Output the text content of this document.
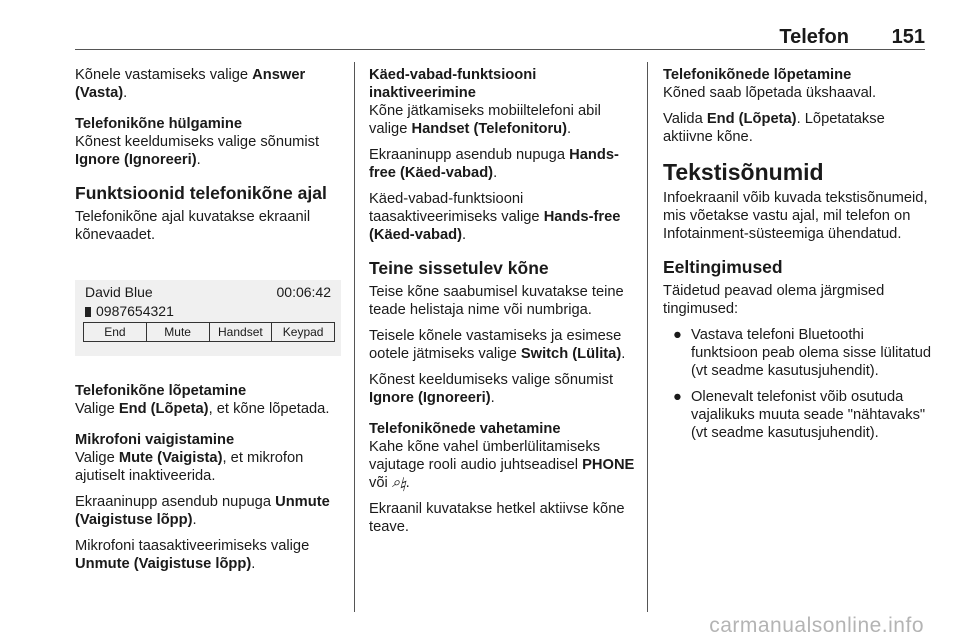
Telefon 151

Kõnele vastamiseks valige Answer (Vasta).

Telefonikõne hülgamine

Kõnest keeldumiseks valige sõnumist Ignore (Ignoreeri).

Funktsioonid telefonikõne ajal

Telefonikõne ajal kuvatakse ekraanil kõnevaadet.

David Blue	00:06:42
0987654321
End	Mute	Handset	Keypad
Telefonikõne lõpetamine

Valige End (Lõpeta), et kõne lõpetada.

Mikrofoni vaigistamine

Valige Mute (Vaigista), et mikrofon ajutiselt inaktiveerida.

Ekraaninupp asendub nupuga Unmute (Vaigistuse lõpp).

Mikrofoni taasaktiveerimiseks valige Unmute (Vaigistuse lõpp).

Käed-vabad-funktsiooni inaktiveerimine

Kõne jätkamiseks mobiiltelefoni abil valige Handset (Telefonitoru).

Ekraaninupp asendub nupuga Hands-free (Käed-vabad).

Käed-vabad-funktsiooni taasaktiveerimiseks valige Hands-free (Käed-vabad).

Teine sissetulev kõne

Teise kõne saabumisel kuvatakse teine teade helistaja nime või numbriga.

Teisele kõnele vastamiseks ja esimese ootele jätmiseks valige Switch (Lülita).

Kõnest keeldumiseks valige sõnumist Ignore (Ignoreeri).

Telefonikõnede vahetamine

Kahe kõne vahel ümberlülitamiseks vajutage rooli audio juhtseadisel PHONE või ⌕♮.

Ekraanil kuvatakse hetkel aktiivse kõne teave.

Telefonikõnede lõpetamine

Kõned saab lõpetada ükshaaval.

Valida End (Lõpeta). Lõpetatakse aktiivne kõne.

Tekstisõnumid

Infoekraanil võib kuvada tekstisõnumeid, mis võetakse vastu ajal, mil telefon on Infotainment-süsteemiga ühendatud.

Eeltingimused

Täidetud peavad olema järgmised tingimused:

● Vastava telefoni Bluetoothi funktsioon peab olema sisse lülitatud (vt seadme kasutusjuhendit).
● Olenevalt telefonist võib osutuda vajalikuks muuta seade "nähtavaks" (vt seadme kasutusjuhendit).
carmanualsonline.info
